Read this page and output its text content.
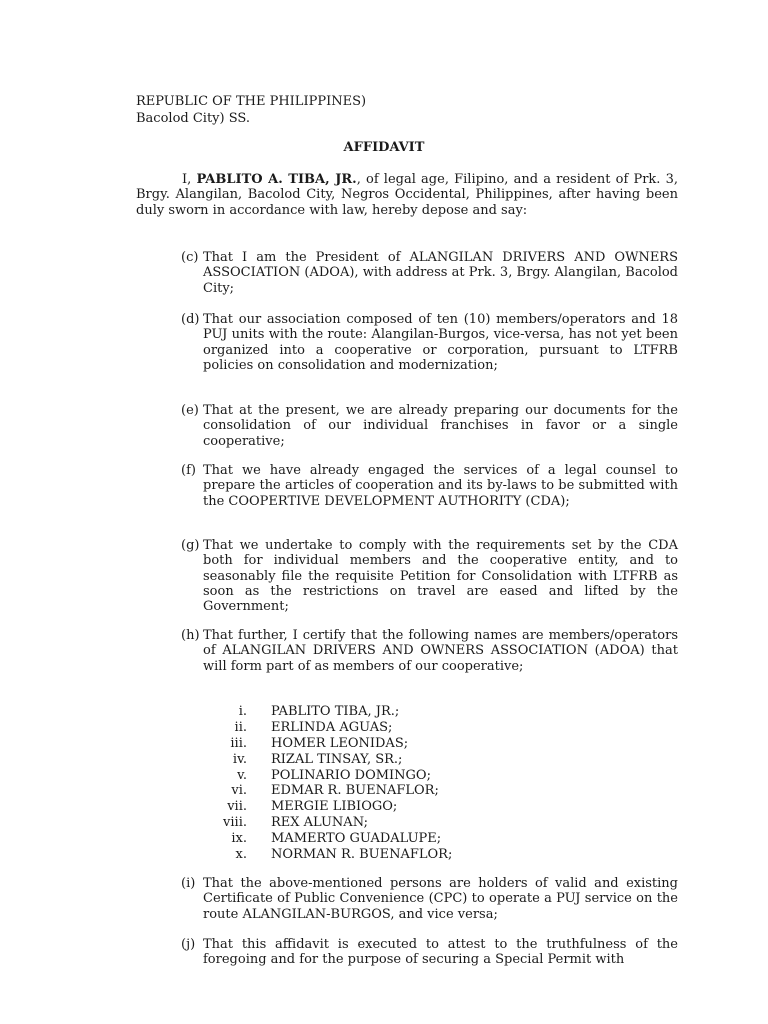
REPUBLIC OF THE PHILIPPINES)
Bacolod City) SS.
AFFIDAVIT
I, PABLITO A. TIBA, JR., of legal age, Filipino, and a resident of Prk. 3, Brgy. Alangilan, Bacolod City, Negros Occidental, Philippines, after having been duly sworn in accordance with law, hereby depose and say:
(c) That I am the President of ALANGILAN DRIVERS AND OWNERS ASSOCIATION (ADOA), with address at Prk. 3, Brgy. Alangilan, Bacolod City;
(d) That our association composed of ten (10) members/operators and 18 PUJ units with the route: Alangilan-Burgos, vice-versa, has not yet been organized into a cooperative or corporation, pursuant to LTFRB policies on consolidation and modernization;
(e) That at the present, we are already preparing our documents for the consolidation of our individual franchises in favor or a single cooperative;
(f) That we have already engaged the services of a legal counsel to prepare the articles of cooperation and its by-laws to be submitted with the COOPERTIVE DEVELOPMENT AUTHORITY (CDA);
(g) That we undertake to comply with the requirements set by the CDA both for individual members and the cooperative entity, and to seasonably file the requisite Petition for Consolidation with LTFRB as soon as the restrictions on travel are eased and lifted by the Government;
(h) That further, I certify that the following names are members/operators of ALANGILAN DRIVERS AND OWNERS ASSOCIATION (ADOA) that will form part of as members of our cooperative;
i. PABLITO TIBA, JR.;
ii. ERLINDA AGUAS;
iii. HOMER LEONIDAS;
iv. RIZAL TINSAY, SR.;
v. POLINARIO DOMINGO;
vi. EDMAR R. BUENAFLOR;
vii. MERGIE LIBIOGO;
viii. REX ALUNAN;
ix. MAMERTO GUADALUPE;
x. NORMAN R. BUENAFLOR;
(i) That the above-mentioned persons are holders of valid and existing Certificate of Public Convenience (CPC) to operate a PUJ service on the route ALANGILAN-BURGOS, and vice versa;
(j) That this affidavit is executed to attest to the truthfulness of the foregoing and for the purpose of securing a Special Permit with
